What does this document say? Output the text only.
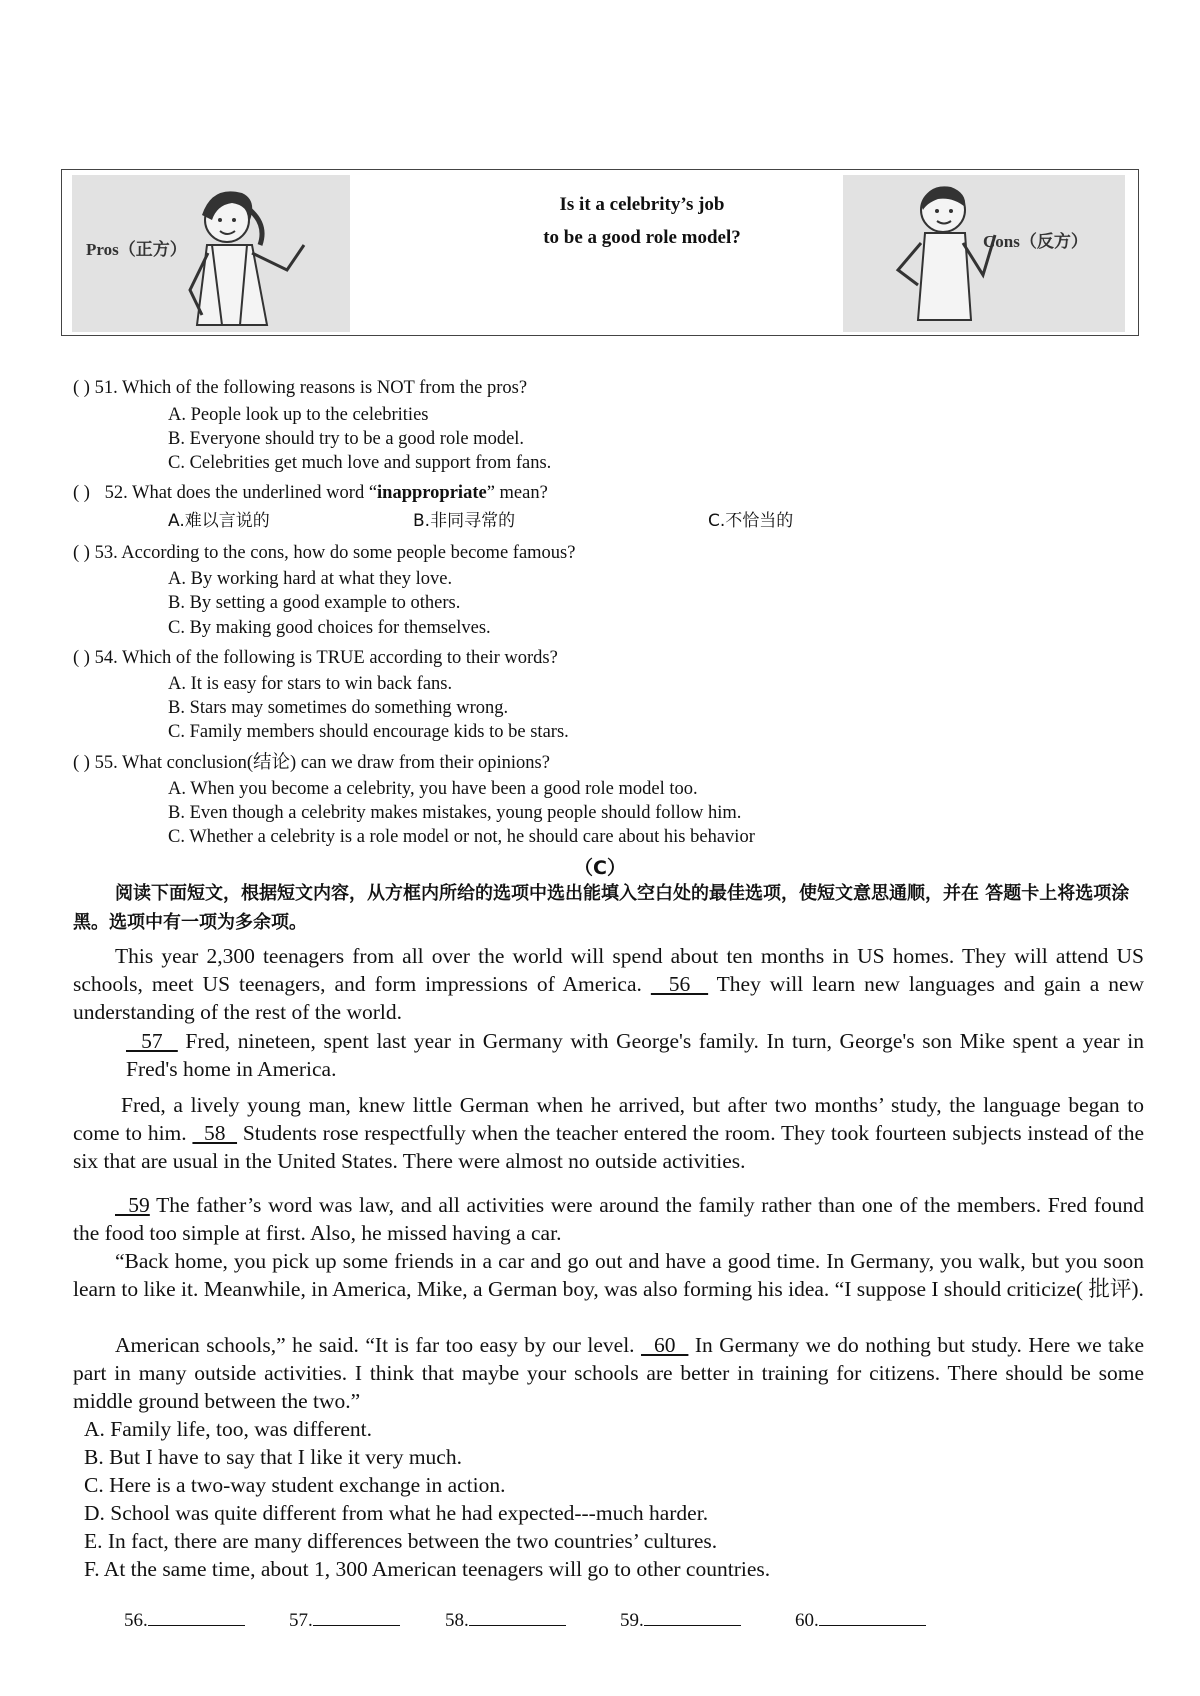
Pros（正方）
Is it a celebrity’s job
to be a good role model?	Cons（反方）
( ) 51. Which of the following reasons is NOT from the pros?
A. People look up to the celebrities
B. Everyone should try to be a good role model.
C. Celebrities get much love and support from fans.
( ) 52. What does the underlined word “inappropriate” mean?
A.难以言说的	B.非同寻常的	C.不恰当的
( ) 53. According to the cons, how do some people become famous?
A. By working hard at what they love.
B. By setting a good example to others.
C. By making good choices for themselves.
( ) 54. Which of the following is TRUE according to their words?
A. It is easy for stars to win back fans.
B. Stars may sometimes do something wrong.
C. Family members should encourage kids to be stars.
( ) 55. What conclusion(结论) can we draw from their opinions?
A. When you become a celebrity, you have been a good role model too.
B. Even though a celebrity makes mistakes, young people should follow him.
C. Whether a celebrity is a role model or not, he should care about his behavior
（C）
阅读下面短文，根据短文内容，从方框内所给的选项中选出能填入空白处的最佳选项，使短文意思通顺，并在 答题卡上将选项涂黑。选项中有一项为多余项。
This year 2,300 teenagers from all over the world will spend about ten months in US homes. They will attend US schools, meet US teenagers, and form impressions of America.   56   They will learn new languages and gain a new understanding of the rest of the world.
57   Fred, nineteen, spent last year in Germany with George's family. In turn, George's son Mike spent a year in Fred's home in America.
Fred, a lively young man, knew little German when he arrived, but after two months’ study, the language began to come to him.   58   Students rose respectfully when the teacher entered the room. They took fourteen subjects instead of the six that are usual in the United States. There were almost no outside activities.
59 The father’s word was law, and all activities were around the family rather than one of the members. Fred found the food too simple at first. Also, he missed having a car.
“Back home, you pick up some friends in a car and go out and have a good time. In Germany, you walk, but you soon learn to like it. Meanwhile, in America, Mike, a German boy, was also forming his idea. “I suppose I should criticize( 批评).
American schools,” he said. “It is far too easy by our level.   60   In Germany we do nothing but study. Here we take part in many outside activities. I think that maybe your schools are better in training for citizens. There should be some middle ground between the two.”
A. Family life, too, was different.
B. But I have to say that I like it very much.
C. Here is a two-way student exchange in action.
D. School was quite different from what he had expected---much harder.
E. In fact, there are many differences between the two countries’ cultures.
F. At the same time, about 1, 300 American teenagers will go to other countries.
56.	57.	58.	59.	60.
